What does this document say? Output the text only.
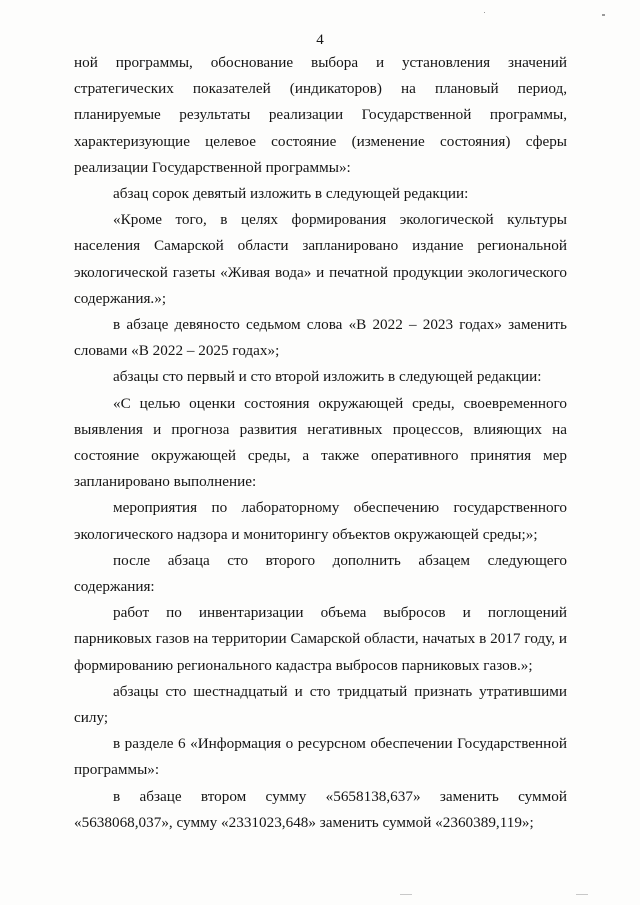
4

ной программы, обоснование выбора и установления значений стратегических показателей (индикаторов) на плановый период, планируемые результаты реализации Государственной программы, характеризующие целевое состояние (изменение состояния) сферы реализации Государственной программы»:

абзац сорок девятый изложить в следующей редакции:

«Кроме того, в целях формирования экологической культуры населения Самарской области запланировано издание региональной экологической газеты «Живая вода» и печатной продукции экологического содержания.»;

в абзаце девяносто седьмом слова «В 2022 – 2023 годах» заменить словами «В 2022 – 2025 годах»;

абзацы сто первый и сто второй изложить в следующей редакции:

«С целью оценки состояния окружающей среды, своевременного выявления и прогноза развития негативных процессов, влияющих на состояние окружающей среды, а также оперативного принятия мер запланировано выполнение:

мероприятия по лабораторному обеспечению государственного экологического надзора и мониторингу объектов окружающей среды;»;

после абзаца сто второго дополнить абзацем следующего содержания:

работ по инвентаризации объема выбросов и поглощений парниковых газов на территории Самарской области, начатых в 2017 году, и формированию регионального кадастра выбросов парниковых газов.»;

абзацы сто шестнадцатый и сто тридцатый признать утратившими силу;

в разделе 6 «Информация о ресурсном обеспечении Государственной программы»:

в абзаце втором сумму «5658138,637» заменить суммой «5638068,037», сумму «2331023,648» заменить суммой «2360389,119»;
